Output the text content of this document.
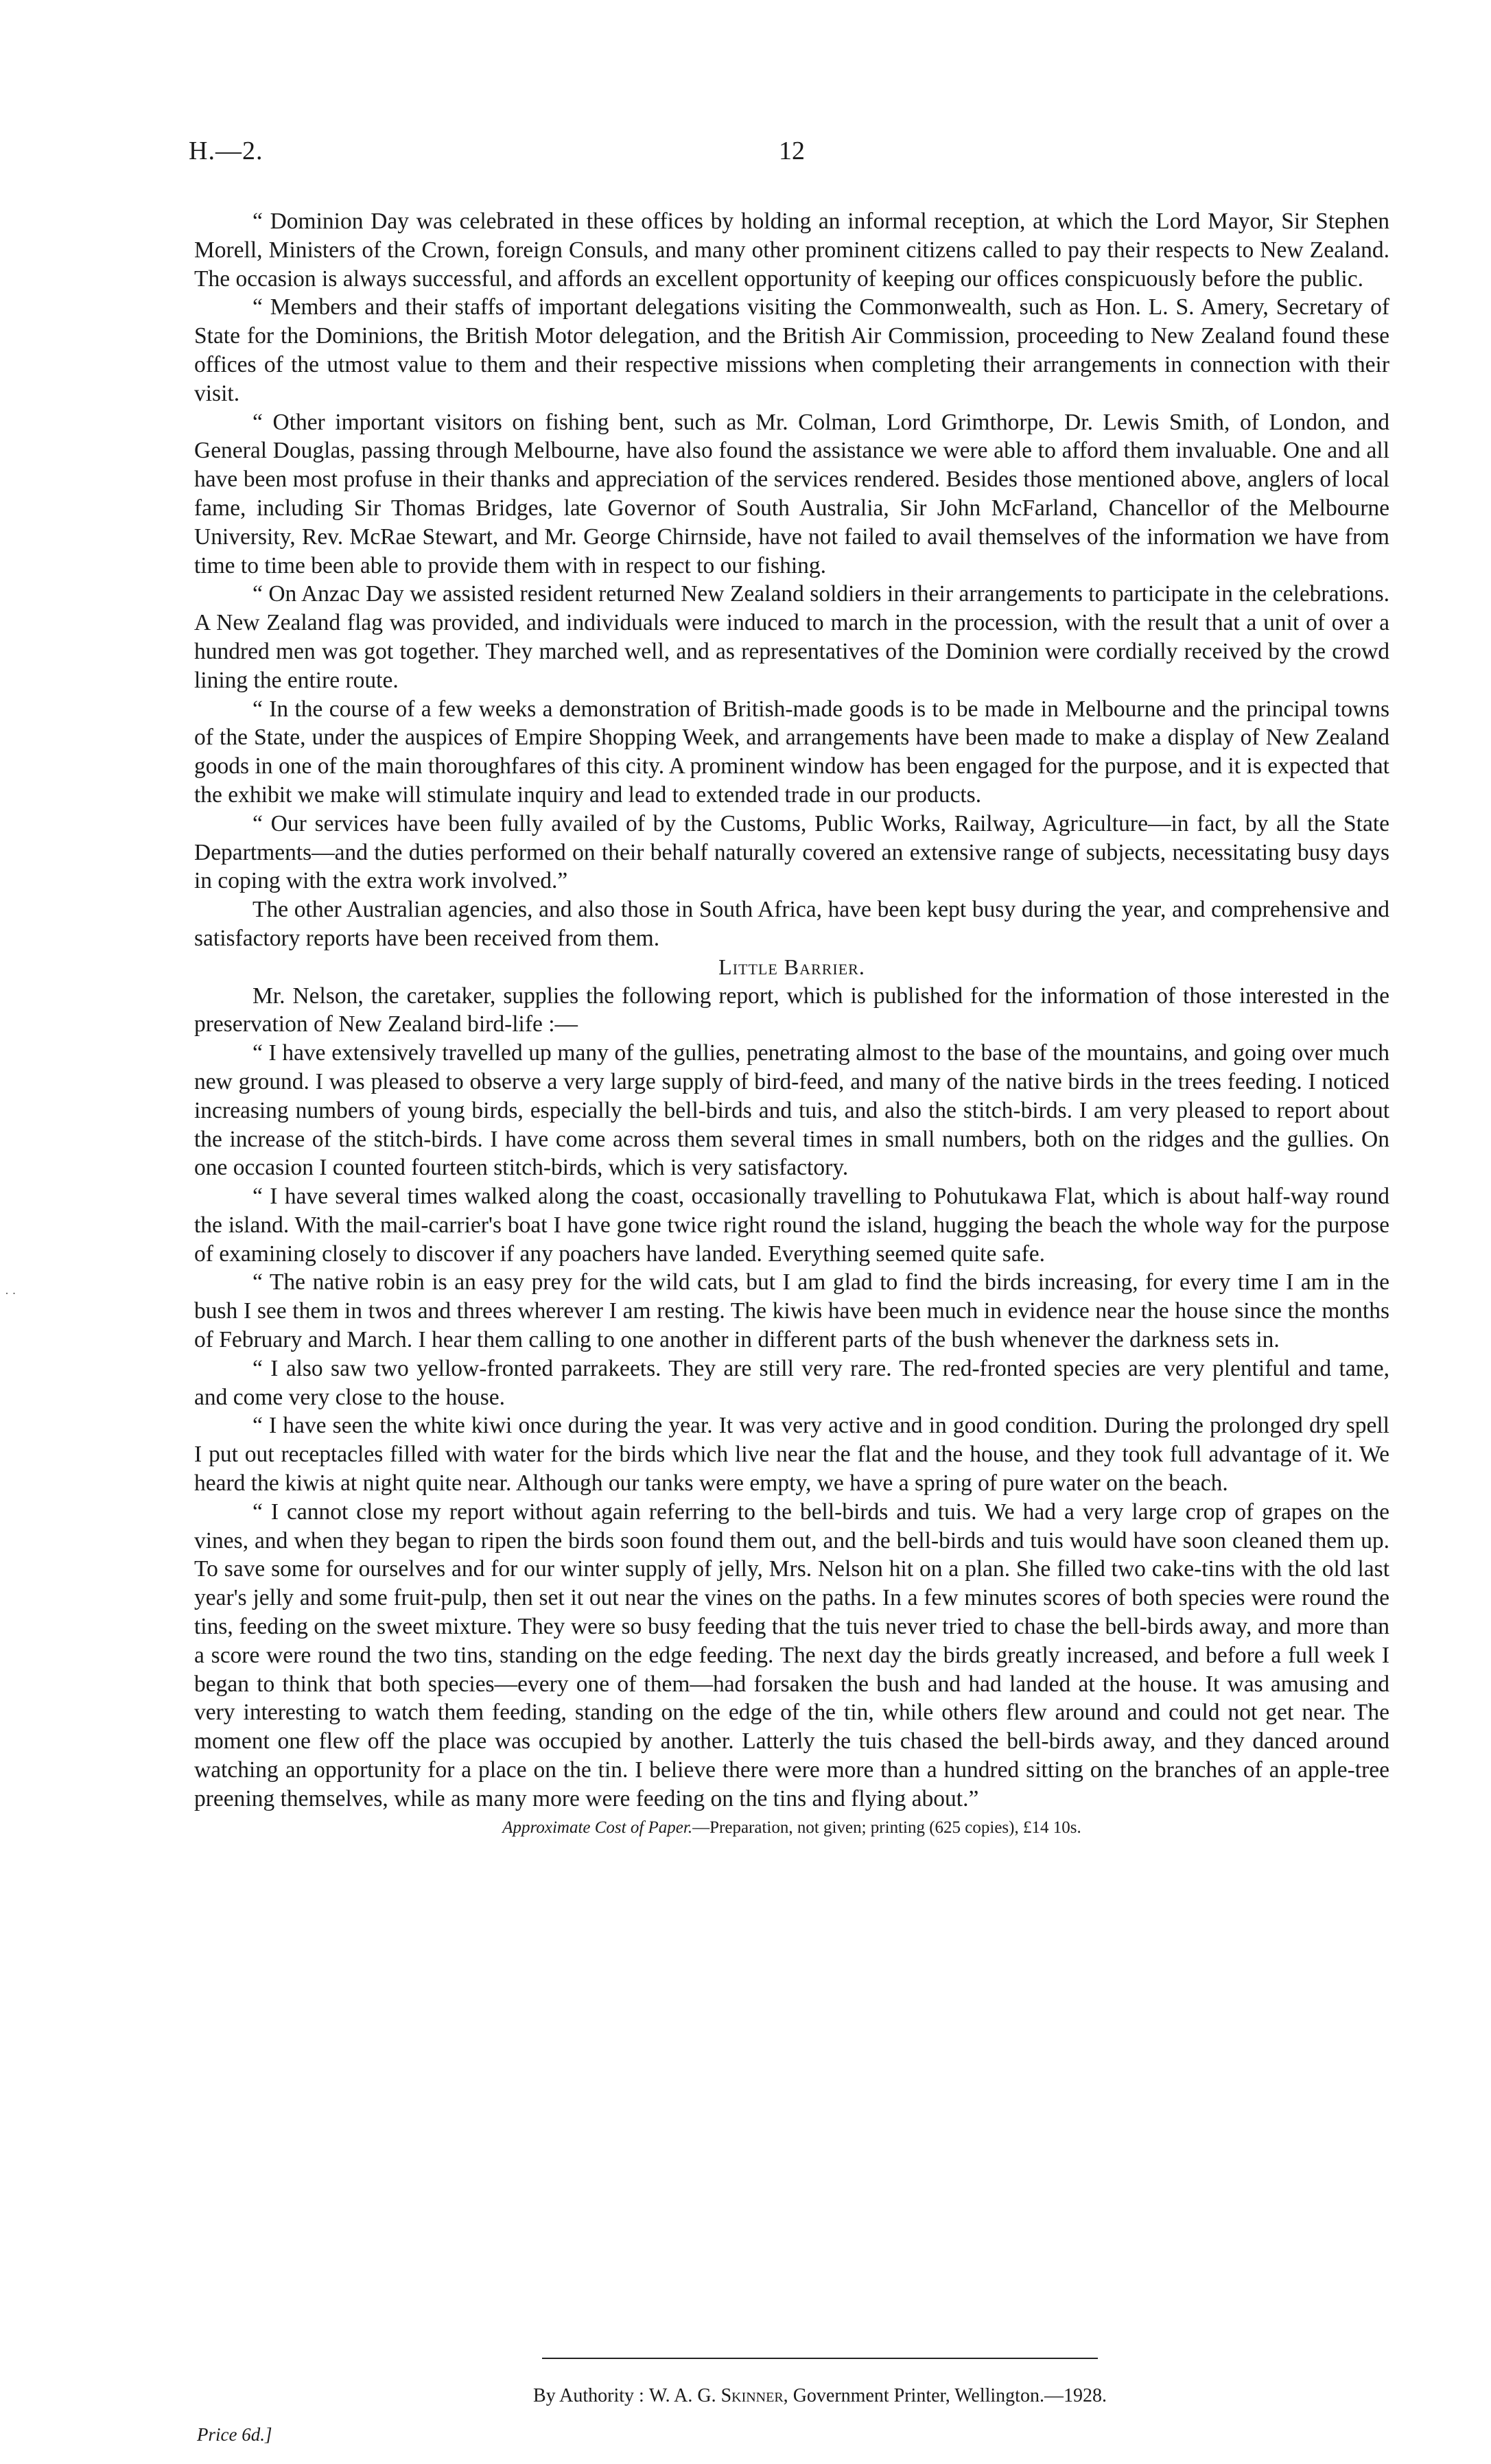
H.—2.	12
· ·

“ Dominion Day was celebrated in these offices by holding an informal reception, at which the Lord Mayor, Sir Stephen Morell, Ministers of the Crown, foreign Consuls, and many other prominent citizens called to pay their respects to New Zealand. The occasion is always successful, and affords an excellent opportunity of keeping our offices conspicuously before the public.

“ Members and their staffs of important delegations visiting the Commonwealth, such as Hon. L. S. Amery, Secretary of State for the Dominions, the British Motor delegation, and the British Air Commission, proceeding to New Zealand found these offices of the utmost value to them and their respective missions when completing their arrangements in connection with their visit.

“ Other important visitors on fishing bent, such as Mr. Colman, Lord Grimthorpe, Dr. Lewis Smith, of London, and General Douglas, passing through Melbourne, have also found the assistance we were able to afford them invaluable. One and all have been most profuse in their thanks and appreciation of the services rendered. Besides those mentioned above, anglers of local fame, including Sir Thomas Bridges, late Governor of South Australia, Sir John McFarland, Chancellor of the Melbourne University, Rev. McRae Stewart, and Mr. George Chirnside, have not failed to avail themselves of the information we have from time to time been able to provide them with in respect to our fishing.

“ On Anzac Day we assisted resident returned New Zealand soldiers in their arrangements to participate in the celebrations. A New Zealand flag was provided, and individuals were induced to march in the procession, with the result that a unit of over a hundred men was got together. They marched well, and as representatives of the Dominion were cordially received by the crowd lining the entire route.

“ In the course of a few weeks a demonstration of British-made goods is to be made in Melbourne and the principal towns of the State, under the auspices of Empire Shopping Week, and arrangements have been made to make a display of New Zealand goods in one of the main thoroughfares of this city. A prominent window has been engaged for the purpose, and it is expected that the exhibit we make will stimulate inquiry and lead to extended trade in our products.

“ Our services have been fully availed of by the Customs, Public Works, Railway, Agriculture—in fact, by all the State Departments—and the duties performed on their behalf naturally covered an extensive range of subjects, necessitating busy days in coping with the extra work involved.”

The other Australian agencies, and also those in South Africa, have been kept busy during the year, and comprehensive and satisfactory reports have been received from them.

Little Barrier.

Mr. Nelson, the caretaker, supplies the following report, which is published for the information of those interested in the preservation of New Zealand bird-life :—

“ I have extensively travelled up many of the gullies, penetrating almost to the base of the mountains, and going over much new ground. I was pleased to observe a very large supply of bird-feed, and many of the native birds in the trees feeding. I noticed increasing numbers of young birds, especially the bell-birds and tuis, and also the stitch-birds. I am very pleased to report about the increase of the stitch-birds. I have come across them several times in small numbers, both on the ridges and the gullies. On one occasion I counted fourteen stitch-birds, which is very satisfactory.

“ I have several times walked along the coast, occasionally travelling to Pohutukawa Flat, which is about half-way round the island. With the mail-carrier's boat I have gone twice right round the island, hugging the beach the whole way for the purpose of examining closely to discover if any poachers have landed. Everything seemed quite safe.

“ The native robin is an easy prey for the wild cats, but I am glad to find the birds increasing, for every time I am in the bush I see them in twos and threes wherever I am resting. The kiwis have been much in evidence near the house since the months of February and March. I hear them calling to one another in different parts of the bush whenever the darkness sets in.

“ I also saw two yellow-fronted parrakeets. They are still very rare. The red-fronted species are very plentiful and tame, and come very close to the house.

“ I have seen the white kiwi once during the year. It was very active and in good condition. During the prolonged dry spell I put out receptacles filled with water for the birds which live near the flat and the house, and they took full advantage of it. We heard the kiwis at night quite near. Although our tanks were empty, we have a spring of pure water on the beach.

“ I cannot close my report without again referring to the bell-birds and tuis. We had a very large crop of grapes on the vines, and when they began to ripen the birds soon found them out, and the bell-birds and tuis would have soon cleaned them up. To save some for ourselves and for our winter supply of jelly, Mrs. Nelson hit on a plan. She filled two cake-tins with the old last year's jelly and some fruit-pulp, then set it out near the vines on the paths. In a few minutes scores of both species were round the tins, feeding on the sweet mixture. They were so busy feeding that the tuis never tried to chase the bell-birds away, and more than a score were round the two tins, standing on the edge feeding. The next day the birds greatly increased, and before a full week I began to think that both species—every one of them—had forsaken the bush and had landed at the house. It was amusing and very interesting to watch them feeding, standing on the edge of the tin, while others flew around and could not get near. The moment one flew off the place was occupied by another. Latterly the tuis chased the bell-birds away, and they danced around watching an opportunity for a place on the tin. I believe there were more than a hundred sitting on the branches of an apple-tree preening themselves, while as many more were feeding on the tins and flying about.”

Approximate Cost of Paper.—Preparation, not given; printing (625 copies), £14 10s.

By Authority : W. A. G. Skinner, Government Printer, Wellington.—1928.
Price 6d.]
